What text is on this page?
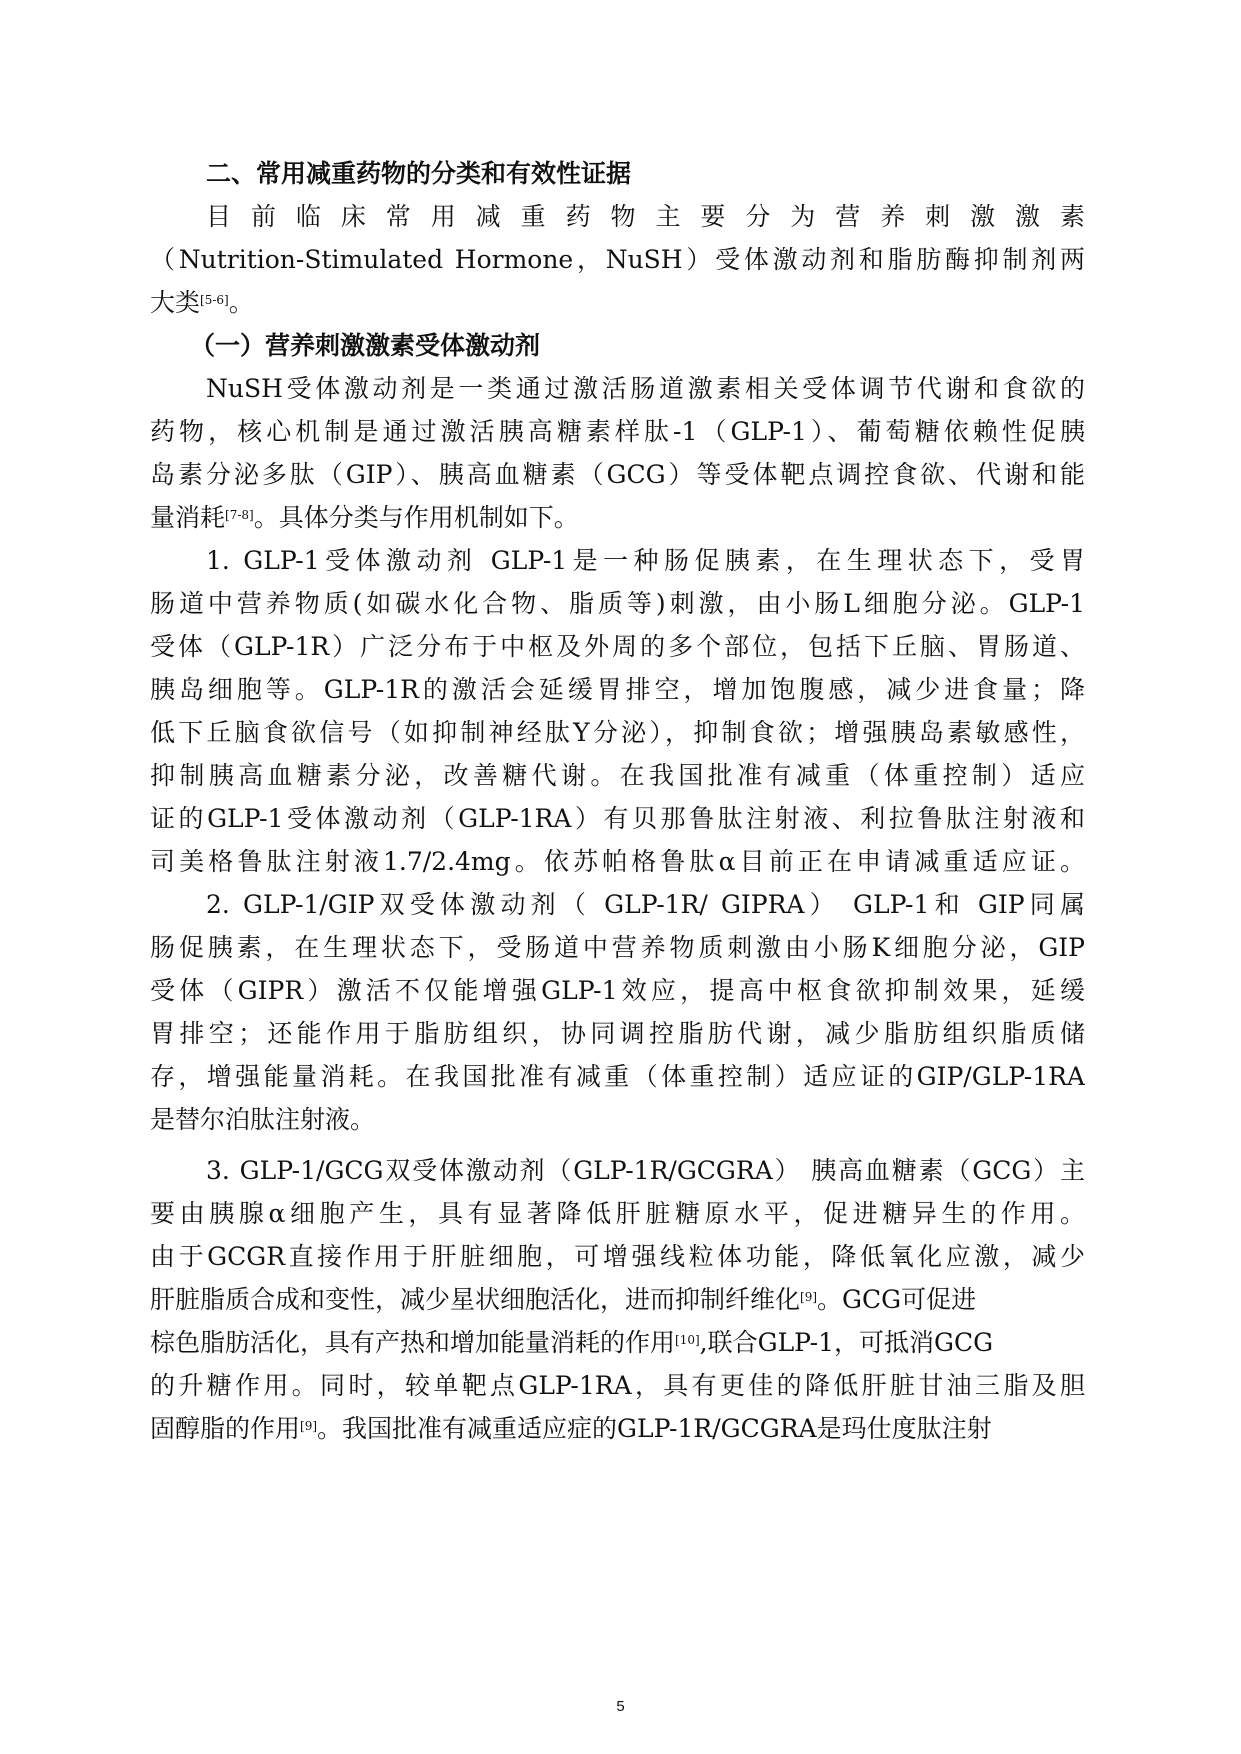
二、常用减重药物的分类和有效性证据
目前临床常用减重药物主要分为营养刺激激素
（Nutrition-Stimulated Hormone，NuSH）受体激动剂和脂肪酶抑制剂两
大类[5-6]。
（一）营养刺激激素受体激动剂
NuSH受体激动剂是一类通过激活肠道激素相关受体调节代谢和食欲的
药物，核心机制是通过激活胰高糖素样肽-1（GLP-1）、葡萄糖依赖性促胰
岛素分泌多肽（GIP）、胰高血糖素（GCG）等受体靶点调控食欲、代谢和能
量消耗[7-8]。具体分类与作用机制如下。
1. GLP-1受体激动剂 GLP-1是一种肠促胰素，在生理状态下，受胃
肠道中营养物质(如碳水化合物、脂质等)刺激，由小肠L细胞分泌。GLP-1
受体（GLP-1R）广泛分布于中枢及外周的多个部位，包括下丘脑、胃肠道、
胰岛细胞等。GLP-1R的激活会延缓胃排空，增加饱腹感，减少进食量；降
低下丘脑食欲信号（如抑制神经肽Y分泌），抑制食欲；增强胰岛素敏感性，
抑制胰高血糖素分泌，改善糖代谢。在我国批准有减重（体重控制）适应
证的GLP-1受体激动剂（GLP-1RA）有贝那鲁肽注射液、利拉鲁肽注射液和
司美格鲁肽注射液1.7/2.4mg。依苏帕格鲁肽α目前正在申请减重适应证。
2. GLP-1/GIP双受体激动剂（ GLP-1R/ GIPRA） GLP-1和 GIP同属
肠促胰素，在生理状态下，受肠道中营养物质刺激由小肠K细胞分泌，GIP
受体（GIPR）激活不仅能增强GLP-1效应，提高中枢食欲抑制效果，延缓
胃排空；还能作用于脂肪组织，协同调控脂肪代谢，减少脂肪组织脂质储
存，增强能量消耗。在我国批准有减重（体重控制）适应证的GIP/GLP-1RA
是替尔泊肽注射液。
3. GLP-1/GCG双受体激动剂（GLP-1R/GCGRA） 胰高血糖素（GCG）主
要由胰腺α细胞产生，具有显著降低肝脏糖原水平，促进糖异生的作用。
由于GCGR直接作用于肝脏细胞，可增强线粒体功能，降低氧化应激，减少
肝脏脂质合成和变性，减少星状细胞活化，进而抑制纤维化[9]。GCG可促进
棕色脂肪活化，具有产热和增加能量消耗的作用[10],联合GLP-1，可抵消GCG
的升糖作用。同时，较单靶点GLP-1RA，具有更佳的降低肝脏甘油三脂及胆
固醇脂的作用[9]。我国批准有减重适应症的GLP-1R/GCGRA是玛仕度肽注射
5
